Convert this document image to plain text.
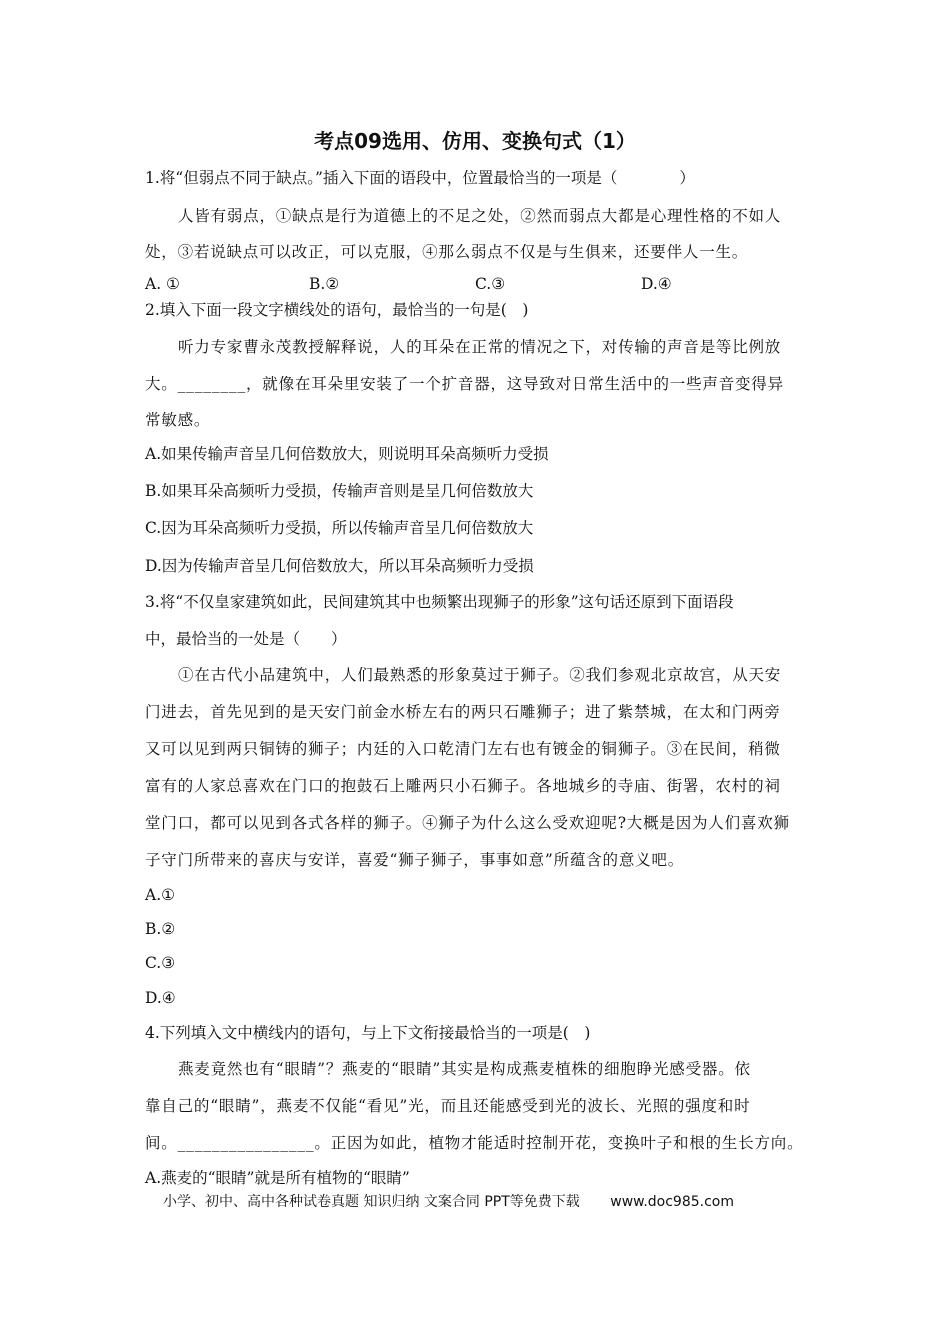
考点09选用、仿用、变换句式（1）
1.将“但弱点不同于缺点。”插入下面的语段中，位置最恰当的一项是（　　　　）
人皆有弱点，①缺点是行为道德上的不足之处，②然而弱点大都是心理性格的不如人
处，③若说缺点可以改正，可以克服，④那么弱点不仅是与生俱来，还要伴人一生。
A. ①	B.②	C.③	D.④
2.填入下面一段文字横线处的语句，最恰当的一句是(　)
听力专家曹永茂教授解释说，人的耳朵在正常的情况之下，对传输的声音是等比例放
大。________，就像在耳朵里安装了一个扩音器，这导致对日常生活中的一些声音变得异
常敏感。
A.如果传输声音呈几何倍数放大，则说明耳朵高频听力受损
B.如果耳朵高频听力受损，传输声音则是呈几何倍数放大
C.因为耳朵高频听力受损，所以传输声音呈几何倍数放大
D.因为传输声音呈几何倍数放大，所以耳朵高频听力受损
3.将“不仅皇家建筑如此，民间建筑其中也频繁出现狮子的形象”这句话还原到下面语段
中，最恰当的一处是（　　）
①在古代小品建筑中，人们最熟悉的形象莫过于狮子。②我们参观北京故宫，从天安
门进去，首先见到的是天安门前金水桥左右的两只石雕狮子；进了紫禁城，在太和门两旁
又可以见到两只铜铸的狮子；内廷的入口乾清门左右也有镀金的铜狮子。③在民间，稍微
富有的人家总喜欢在门口的抱鼓石上雕两只小石狮子。各地城乡的寺庙、街署，农村的祠
堂门口，都可以见到各式各样的狮子。④狮子为什么这么受欢迎呢?大概是因为人们喜欢狮
子守门所带来的喜庆与安详，喜爱“狮子狮子，事事如意”所蕴含的意义吧。
A.①
B.②
C.③
D.④
4.下列填入文中横线内的语句，与上下文衔接最恰当的一项是(　)
燕麦竟然也有“眼睛”？燕麦的“眼睛”其实是构成燕麦植株的细胞睁光感受器。依
靠自己的“眼睛”，燕麦不仅能“看见”光，而且还能感受到光的波长、光照的强度和时
间。________________。正因为如此，植物才能适时控制开花，变换叶子和根的生长方向。
A.燕麦的“眼睛”就是所有植物的“眼睛”
小学、初中、高中各种试卷真题 知识归纳 文案合同 PPT等免费下载 www.doc985.com
